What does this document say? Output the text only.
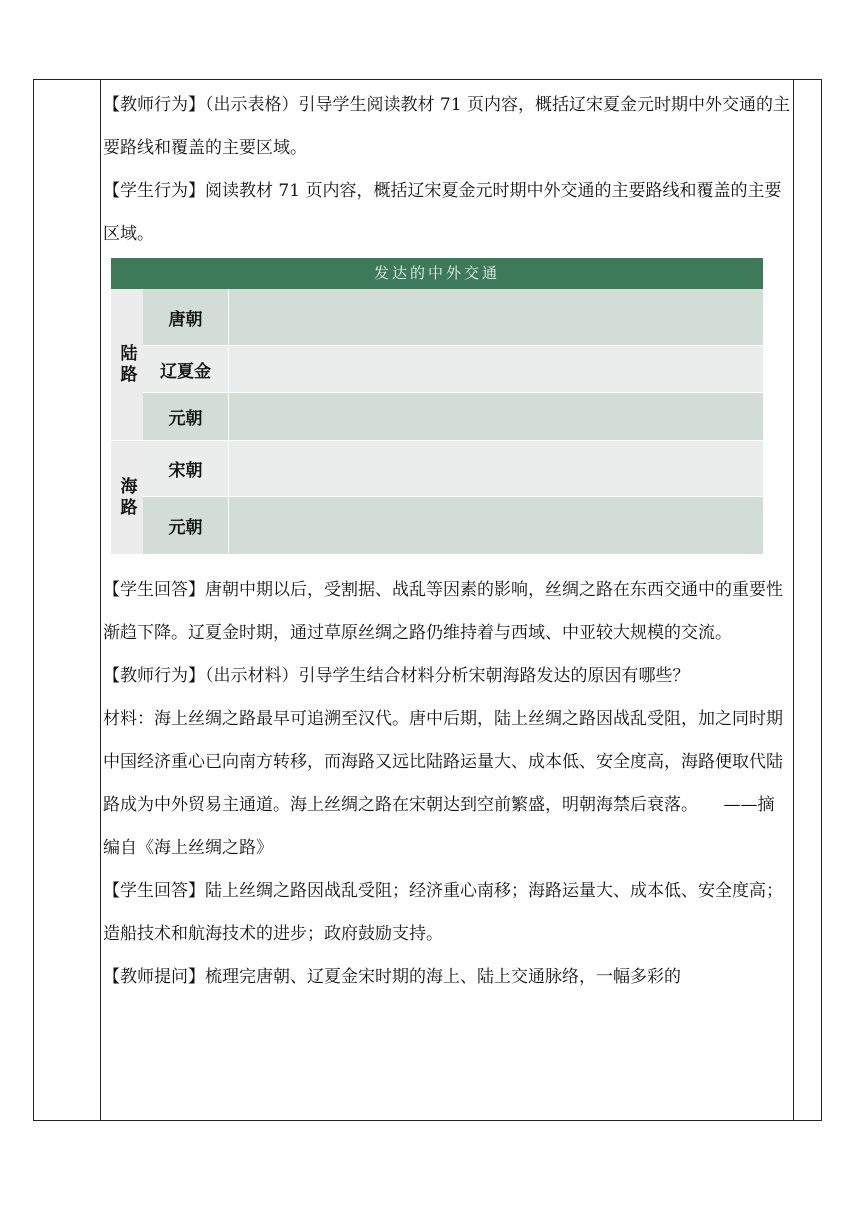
【教师行为】（出示表格）引导学生阅读教材 71 页内容，概括辽宋夏金元时期中外交通的主要路线和覆盖的主要区域。

【学生行为】阅读教材 71 页内容，概括辽宋夏金元时期中外交通的主要路线和覆盖的主要区域。

发达的中外交通
陆路
唐朝
辽夏金
元朝
海路
宋朝
元朝

【学生回答】唐朝中期以后，受割据、战乱等因素的影响，丝绸之路在东西交通中的重要性渐趋下降。辽夏金时期，通过草原丝绸之路仍维持着与西域、中亚较大规模的交流。

【教师行为】（出示材料）引导学生结合材料分析宋朝海路发达的原因有哪些？

材料：海上丝绸之路最早可追溯至汉代。唐中后期，陆上丝绸之路因战乱受阻，加之同时期中国经济重心已向南方转移，而海路又远比陆路运量大、成本低、安全度高，海路便取代陆路成为中外贸易主通道。海上丝绸之路在宋朝达到空前繁盛，明朝海禁后衰落。　　——摘编自《海上丝绸之路》

【学生回答】陆上丝绸之路因战乱受阻；经济重心南移；海路运量大、成本低、安全度高；造船技术和航海技术的进步；政府鼓励支持。

【教师提问】梳理完唐朝、辽夏金宋时期的海上、陆上交通脉络，一幅多彩的
